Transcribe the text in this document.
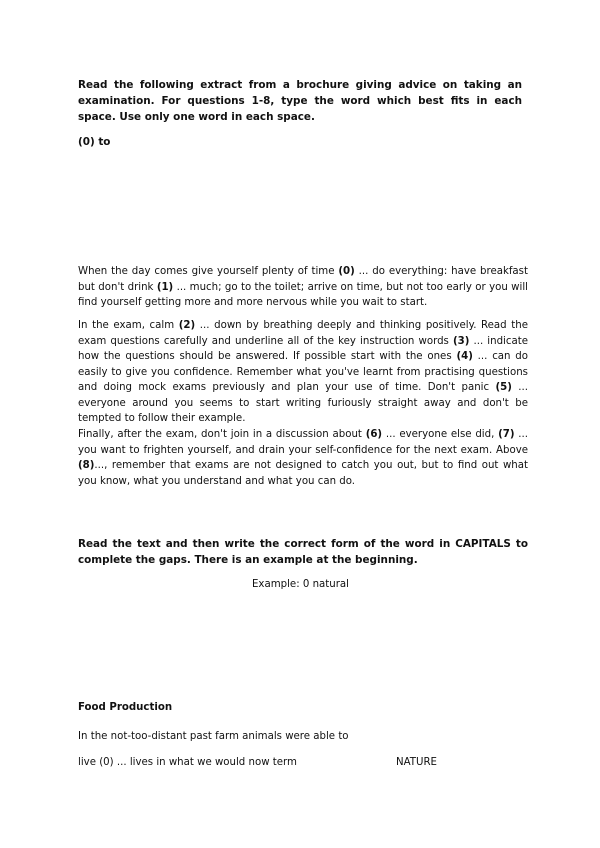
Read the following extract from a brochure giving advice on taking an examination. For questions 1-8, type the word which best fits in each space. Use only one word in each space.
(0) to
When the day comes give yourself plenty of time (0) ... do everything: have breakfast but don't drink (1) ... much; go to the toilet; arrive on time, but not too early or you will find yourself getting more and more nervous while you wait to start.
In the exam, calm (2) ... down by breathing deeply and thinking positively. Read the exam questions carefully and underline all of the key instruction words (3) ... indicate how the questions should be answered. If possible start with the ones (4) ... can do easily to give you confidence. Remember what you've learnt from practising questions and doing mock exams previously and plan your use of time. Don't panic (5) ... everyone around you seems to start writing furiously straight away and don't be tempted to follow their example.
Finally, after the exam, don't join in a discussion about (6) ... everyone else did, (7) ... you want to frighten yourself, and drain your self-confidence for the next exam. Above (8)..., remember that exams are not designed to catch you out, but to find out what you know, what you understand and what you can do.
Read the text and then write the correct form of the word in CAPITALS to complete the gaps. There is an example at the beginning.
Example: 0 natural
Food Production
In the not-too-distant past farm animals were able to
live (0) ... lives in what we would now term	NATURE
